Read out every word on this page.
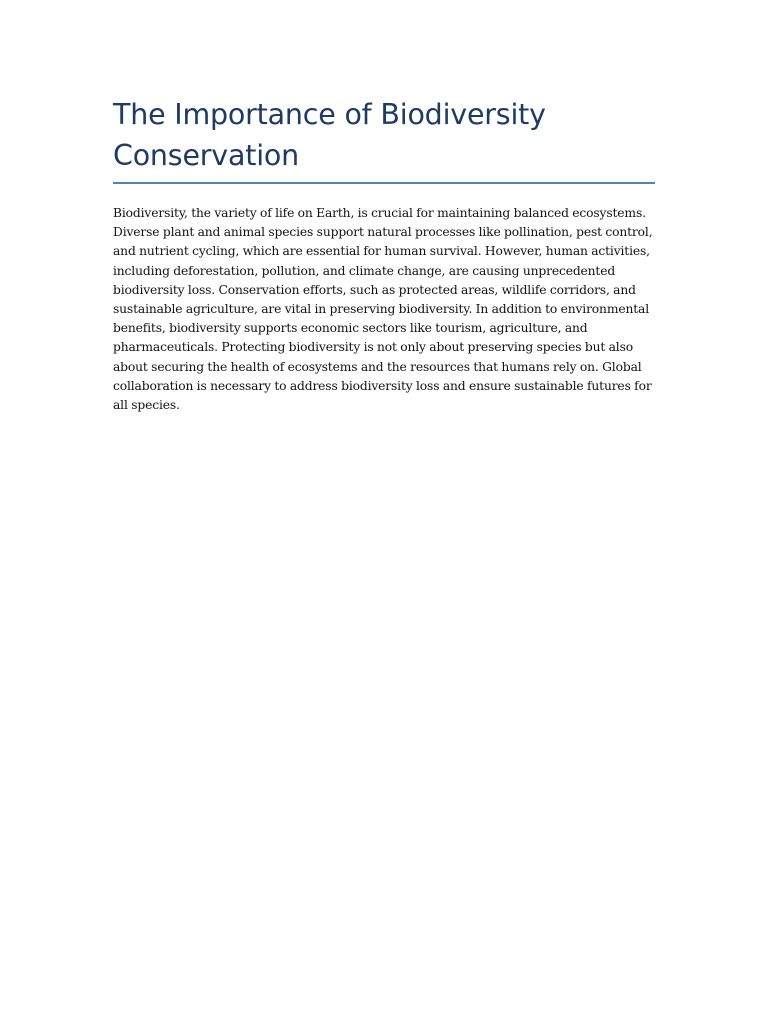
The Importance of Biodiversity Conservation

Biodiversity, the variety of life on Earth, is crucial for maintaining balanced ecosystems. Diverse plant and animal species support natural processes like pollination, pest control, and nutrient cycling, which are essential for human survival. However, human activities, including deforestation, pollution, and climate change, are causing unprecedented biodiversity loss. Conservation efforts, such as protected areas, wildlife corridors, and sustainable agriculture, are vital in preserving biodiversity. In addition to environmental benefits, biodiversity supports economic sectors like tourism, agriculture, and pharmaceuticals. Protecting biodiversity is not only about preserving species but also about securing the health of ecosystems and the resources that humans rely on. Global collaboration is necessary to address biodiversity loss and ensure sustainable futures for all species.
